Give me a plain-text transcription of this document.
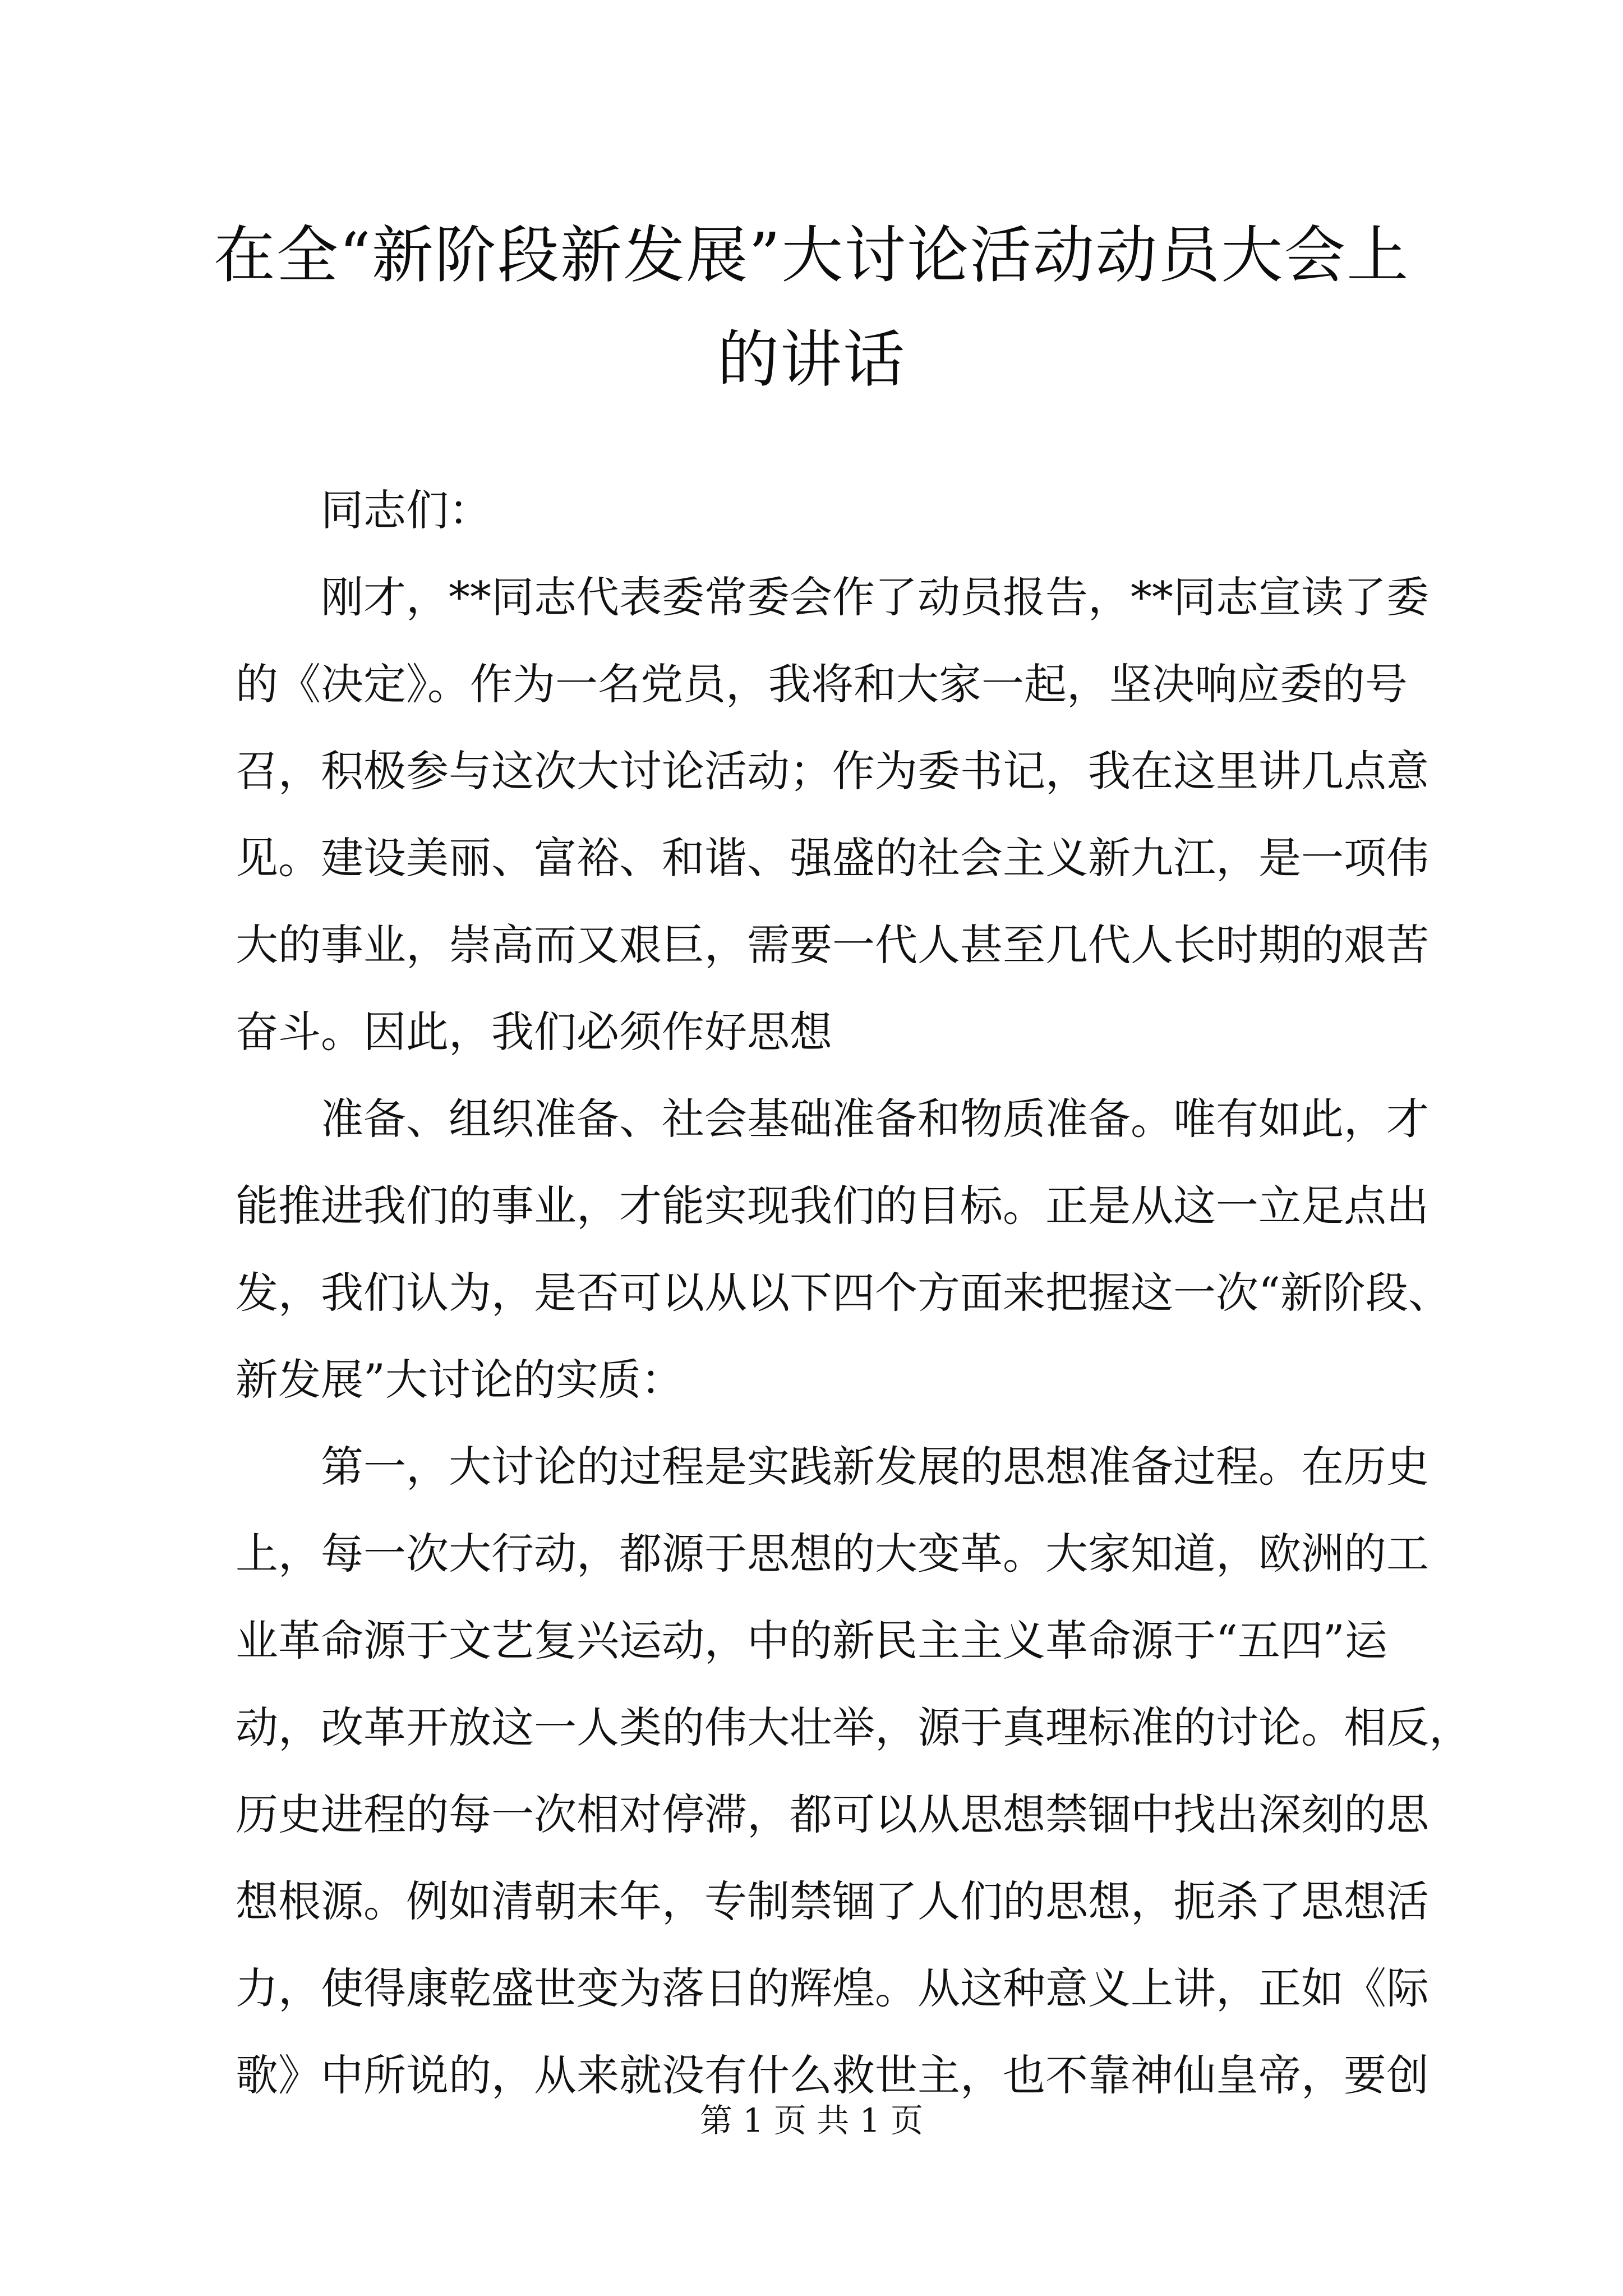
在全“新阶段新发展”大讨论活动动员大会上
的讲话

同志们：

刚才，**同志代表委常委会作了动员报告，**同志宣读了委
的《决定》。作为一名党员，我将和大家一起，坚决响应委的号
召，积极参与这次大讨论活动；作为委书记，我在这里讲几点意
见。建设美丽、富裕、和谐、强盛的社会主义新九江，是一项伟
大的事业，崇高而又艰巨，需要一代人甚至几代人长时期的艰苦
奋斗。因此，我们必须作好思想

准备、组织准备、社会基础准备和物质准备。唯有如此，才
能推进我们的事业，才能实现我们的目标。正是从这一立足点出
发，我们认为，是否可以从以下四个方面来把握这一次“新阶段、
新发展”大讨论的实质：

第一，大讨论的过程是实践新发展的思想准备过程。在历史
上，每一次大行动，都源于思想的大变革。大家知道，欧洲的工
业革命源于文艺复兴运动，中的新民主主义革命源于“五四”运
动，改革开放这一人类的伟大壮举，源于真理标准的讨论。相反，
历史进程的每一次相对停滞，都可以从思想禁锢中找出深刻的思
想根源。例如清朝末年，专制禁锢了人们的思想，扼杀了思想活
力，使得康乾盛世变为落日的辉煌。从这种意义上讲，正如《际
歌》中所说的，从来就没有什么救世主，也不靠神仙皇帝，要创

第 1 页 共 1 页
